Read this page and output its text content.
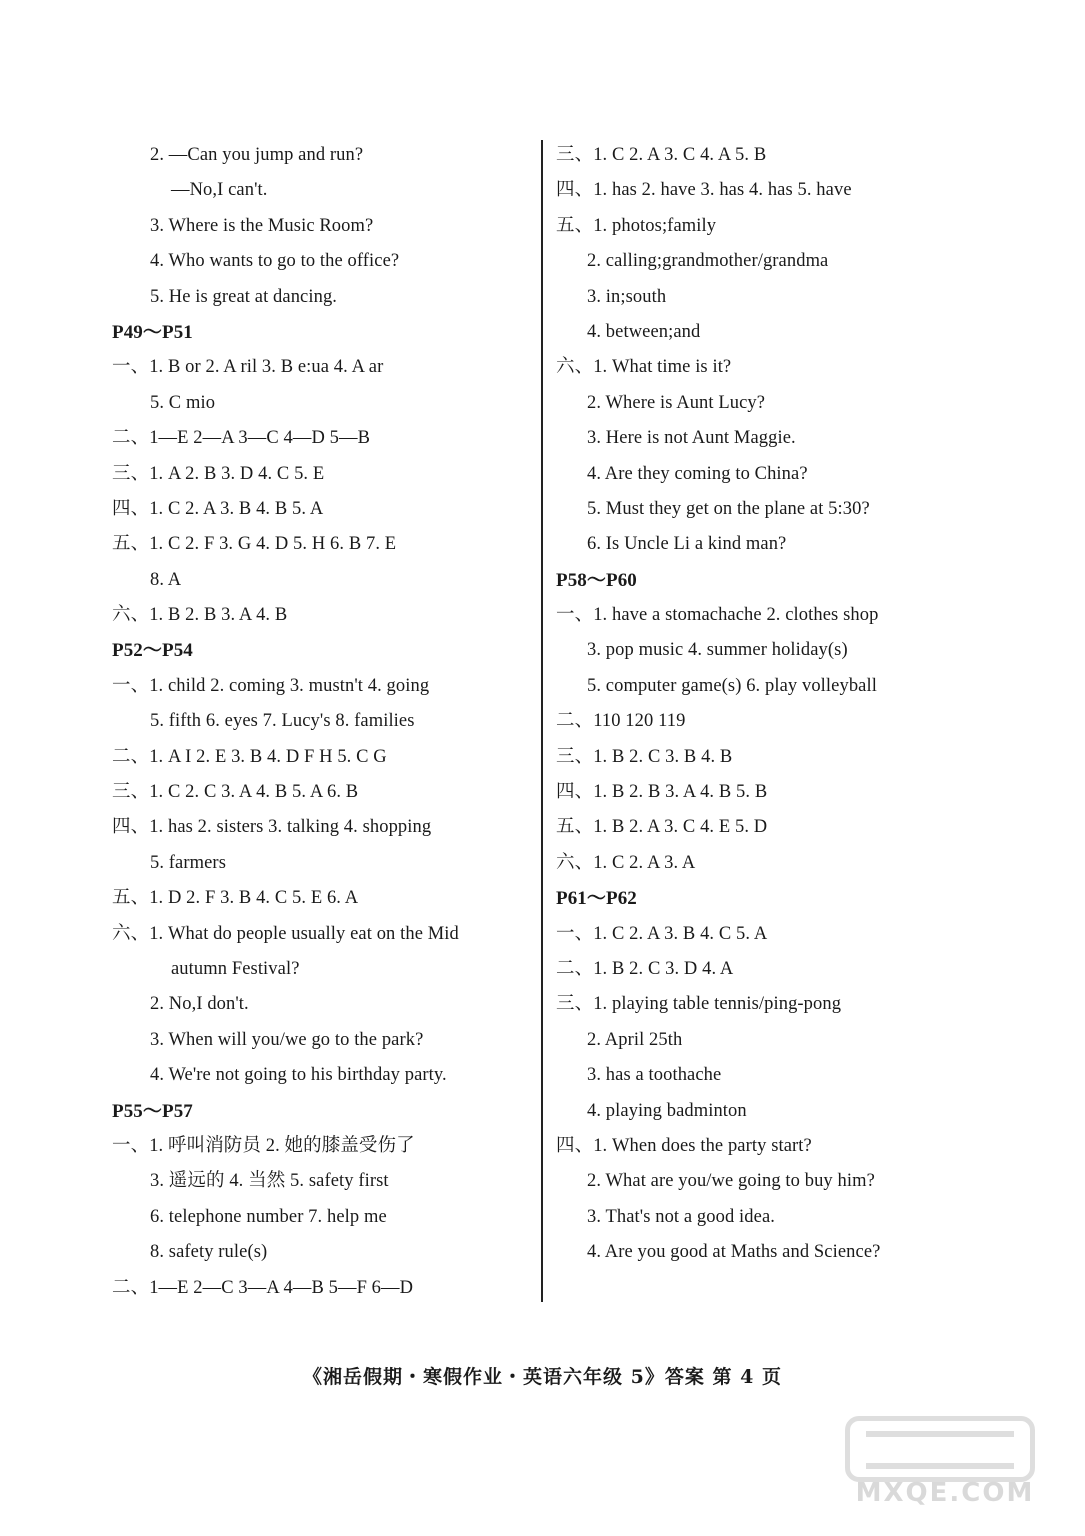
2. —Can you jump and run?
—No,I can't.
3. Where is the Music Room?
4. Who wants to go to the office?
5. He is great at dancing.
P49～P51
一、1. B or 2. A ril 3. B e:ua 4. A ar
5. C mio
二、1—E 2—A 3—C 4—D 5—B
三、1. A 2. B 3. D 4. C 5. E
四、1. C 2. A 3. B 4. B 5. A
五、1. C 2. F 3. G 4. D 5. H 6. B 7. E
8. A
六、1. B 2. B 3. A 4. B
P52～P54
一、1. child 2. coming 3. mustn't 4. going
5. fifth 6. eyes 7. Lucy's 8. families
二、1. A I 2. E 3. B 4. D F H 5. C G
三、1. C 2. C 3. A 4. B 5. A 6. B
四、1. has 2. sisters 3. talking 4. shopping
5. farmers
五、1. D 2. F 3. B 4. C 5. E 6. A
六、1. What do people usually eat on the Mid
autumn Festival?
2. No,I don't.
3. When will you/we go to the park?
4. We're not going to his birthday party.
P55～P57
一、1. 呼叫消防员 2. 她的膝盖受伤了
3. 遥远的 4. 当然 5. safety first
6. telephone number 7. help me
8. safety rule(s)
二、1—E 2—C 3—A 4—B 5—F 6—D
三、1. C 2. A 3. C 4. A 5. B
四、1. has 2. have 3. has 4. has 5. have
五、1. photos;family
2. calling;grandmother/grandma
3. in;south
4. between;and
六、1. What time is it?
2. Where is Aunt Lucy?
3. Here is not Aunt Maggie.
4. Are they coming to China?
5. Must they get on the plane at 5:30?
6. Is Uncle Li a kind man?
P58～P60
一、1. have a stomachache 2. clothes shop
3. pop music 4. summer holiday(s)
5. computer game(s) 6. play volleyball
二、110 120 119
三、1. B 2. C 3. B 4. B
四、1. B 2. B 3. A 4. B 5. B
五、1. B 2. A 3. C 4. E 5. D
六、1. C 2. A 3. A
P61～P62
一、1. C 2. A 3. B 4. C 5. A
二、1. B 2. C 3. D 4. A
三、1. playing table tennis/ping-pong
2. April 25th
3. has a toothache
4. playing badminton
四、1. When does the party start?
2. What are you/we going to buy him?
3. That's not a good idea.
4. Are you good at Maths and Science?
《湘岳假期・寒假作业・英语六年级 5》答案 第 4 页
MXQE.COM
